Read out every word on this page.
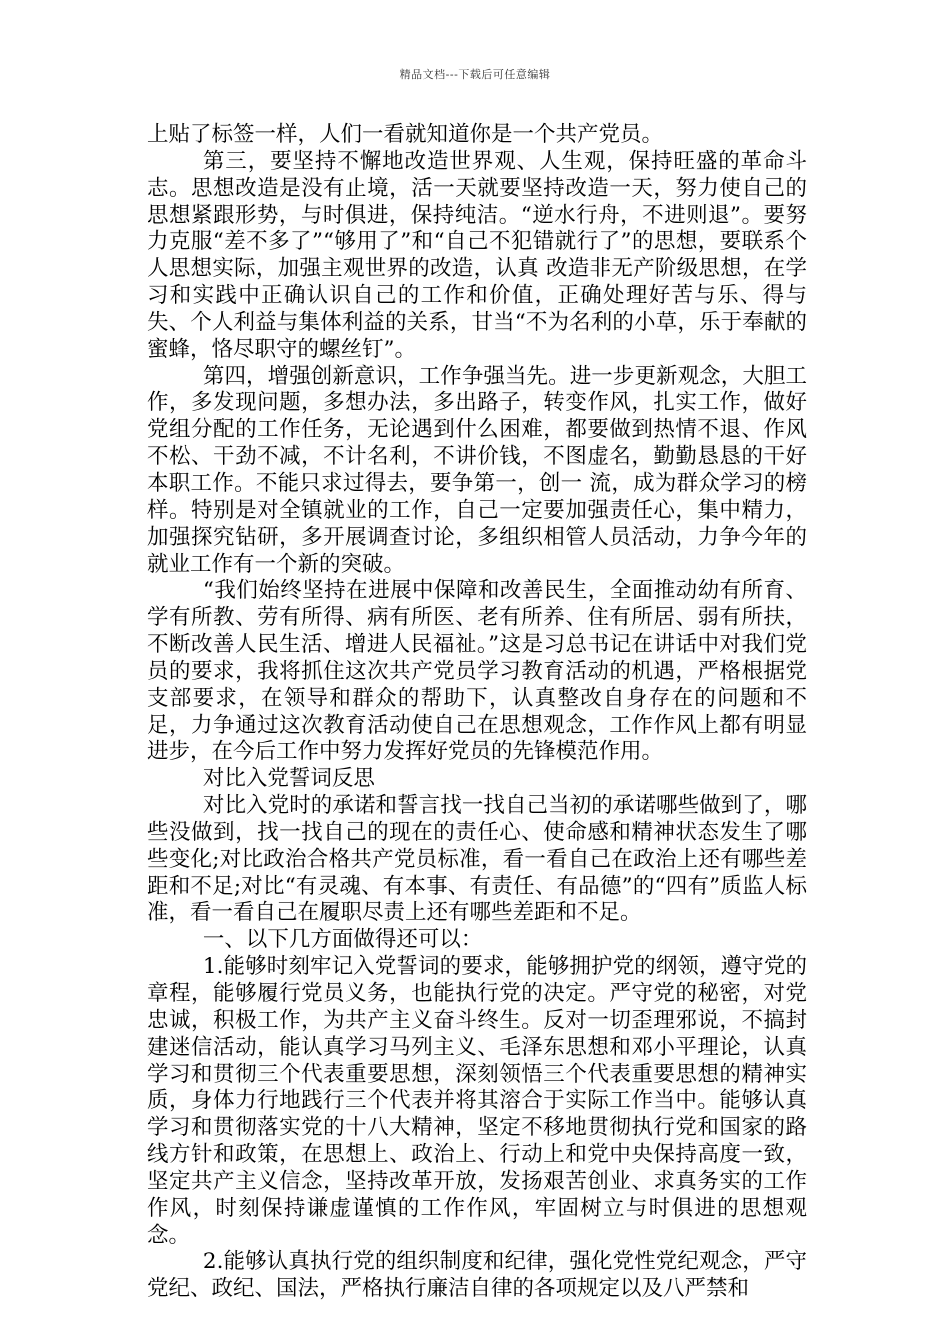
精品文档---下载后可任意编辑

上贴了标签一样，人们一看就知道你是一个共产党员。

第三，要坚持不懈地改造世界观、人生观，保持旺盛的革命斗志。思想改造是没有止境，活一天就要坚持改造一天，努力使自己的思想紧跟形势，与时俱进，保持纯洁。“逆水行舟，不进则退”。要努力克服“差不多了”“够用了”和“自己不犯错就行了”的思想，要联系个人思想实际，加强主观世界的改造，认真 改造非无产阶级思想，在学习和实践中正确认识自己的工作和价值，正确处理好苦与乐、得与失、个人利益与集体利益的关系，甘当“不为名利的小草，乐于奉献的 蜜蜂，恪尽职守的螺丝钉”。

第四，增强创新意识，工作争强当先。进一步更新观念，大胆工作，多发现问题，多想办法，多出路子，转变作风，扎实工作，做好党组分配的工作任务，无论遇到什么困难，都要做到热情不退、作风不松、干劲不减，不计名利，不讲价钱，不图虚名，勤勤恳恳的干好本职工作。不能只求过得去，要争第一，创一 流，成为群众学习的榜样。特别是对全镇就业的工作，自己一定要加强责任心，集中精力，加强探究钻研，多开展调查讨论，多组织相管人员活动，力争今年的就业工作有一个新的突破。

“我们始终坚持在进展中保障和改善民生，全面推动幼有所育、学有所教、劳有所得、病有所医、老有所养、住有所居、弱有所扶，不断改善人民生活、增进人民福祉。”这是习总书记在讲话中对我们党员的要求，我将抓住这次共产党员学习教育活动的机遇，严格根据党支部要求，在领导和群众的帮助下，认真整改自身存在的问题和不足，力争通过这次教育活动使自己在思想观念，工作作风上都有明显进步，在今后工作中努力发挥好党员的先锋模范作用。

对比入党誓词反思

对比入党时的承诺和誓言找一找自己当初的承诺哪些做到了，哪些没做到，找一找自己的现在的责任心、使命感和精神状态发生了哪些变化;对比政治合格共产党员标准，看一看自己在政治上还有哪些差距和不足;对比“有灵魂、有本事、有责任、有品德”的“四有”质监人标准，看一看自己在履职尽责上还有哪些差距和不足。

一、以下几方面做得还可以：

1.能够时刻牢记入党誓词的要求，能够拥护党的纲领，遵守党的章程，能够履行党员义务，也能执行党的决定。严守党的秘密，对党忠诚，积极工作，为共产主义奋斗终生。反对一切歪理邪说，不搞封建迷信活动，能认真学习马列主义、毛泽东思想和邓小平理论，认真学习和贯彻三个代表重要思想，深刻领悟三个代表重要思想的精神实质，身体力行地践行三个代表并将其溶合于实际工作当中。能够认真学习和贯彻落实党的十八大精神，坚定不移地贯彻执行党和国家的路线方针和政策，在思想上、政治上、行动上和党中央保持高度一致，坚定共产主义信念，坚持改革开放，发扬艰苦创业、求真务实的工作作风，时刻保持谦虚谨慎的工作作风，牢固树立与时俱进的思想观念。

2.能够认真执行党的组织制度和纪律，强化党性党纪观念，严守党纪、政纪、国法，严格执行廉洁自律的各项规定以及八严禁和
